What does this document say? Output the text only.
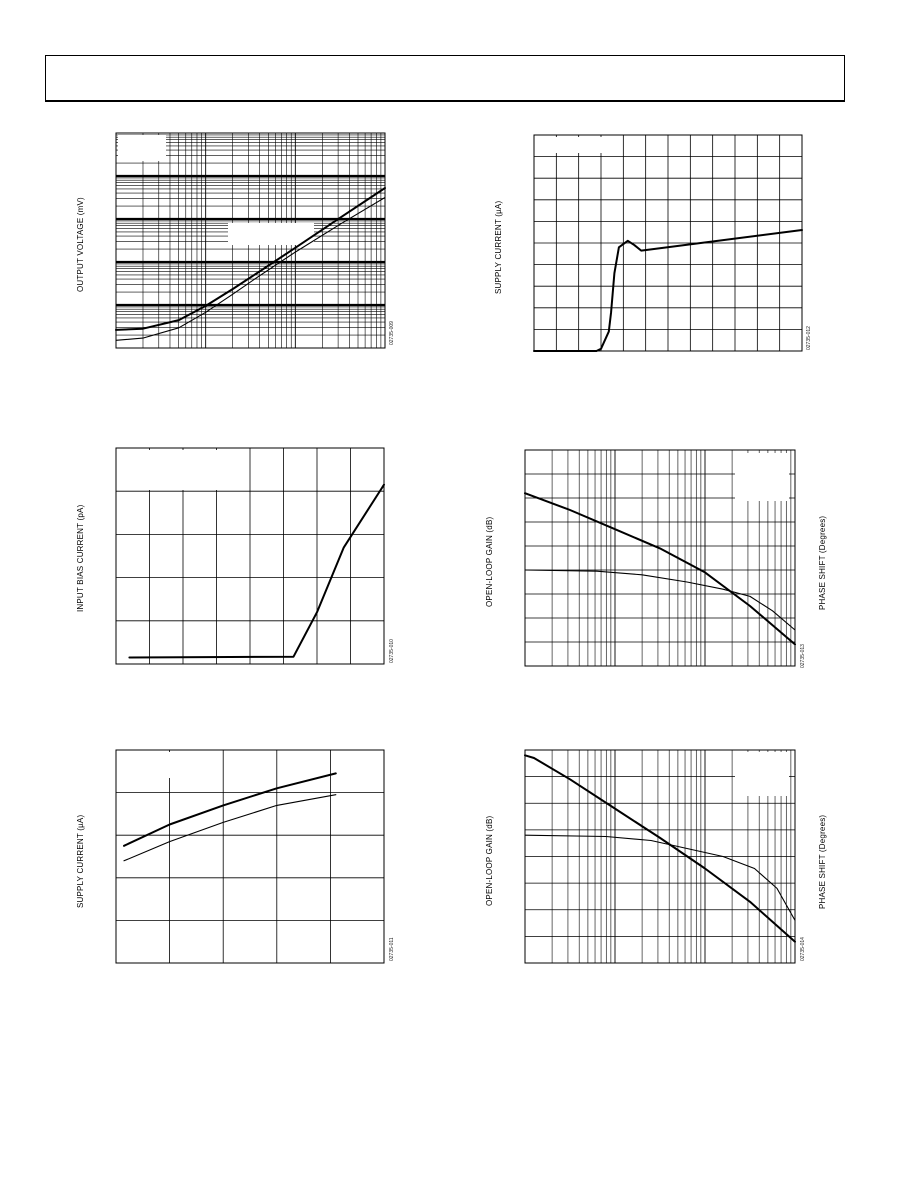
OUTPUT VOLTAGE (mV)
02735-009
SUPPLY CURRENT (µA)
02735-012
INPUT BIAS CURRENT (pA)
02735-010
OPEN-LOOP GAIN (dB)	PHASE SHIFT (Degrees)
02735-013
SUPPLY CURRENT (µA)
02735-011
OPEN-LOOP GAIN (dB)	PHASE SHIFT (Degrees)
02735-014
